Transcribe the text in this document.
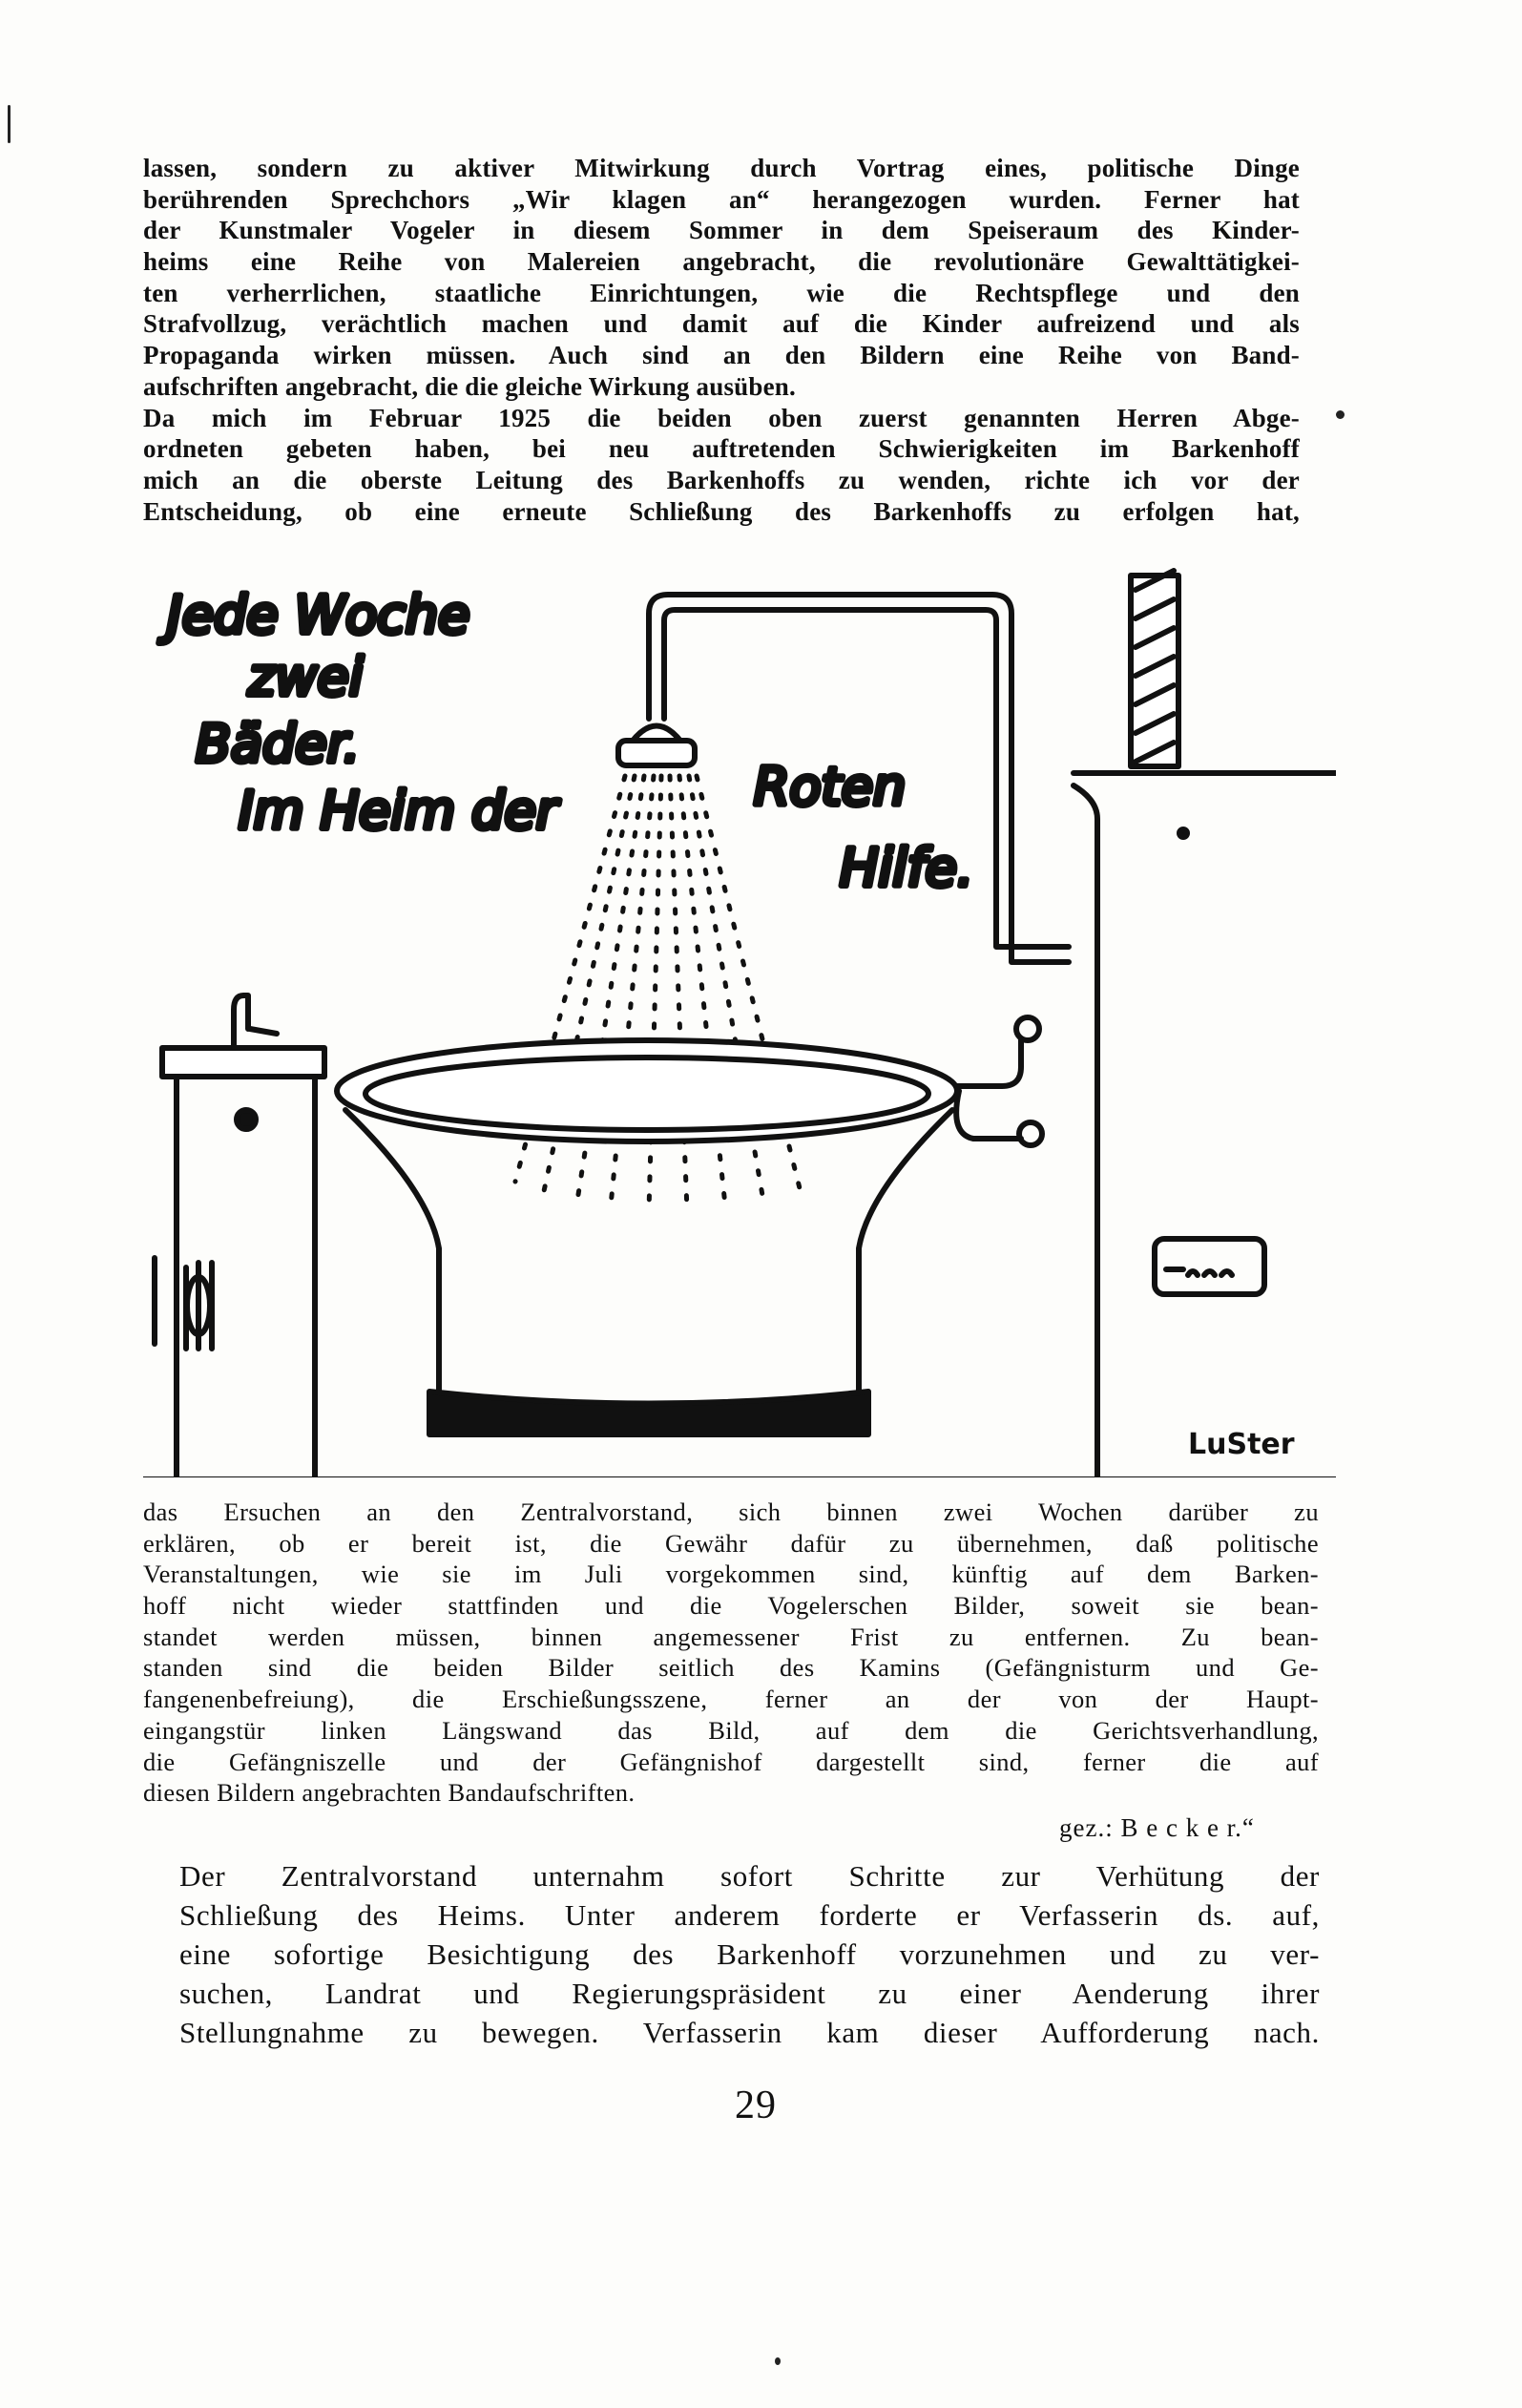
lassen, sondern zu aktiver Mitwirkung durch Vortrag eines, politische Dinge
berührenden Sprechchors „Wir klagen an“ herangezogen wurden. Ferner hat
der Kunstmaler Vogeler in diesem Sommer in dem Speiseraum des Kinder-
heims eine Reihe von Malereien angebracht, die revolutionäre Gewalttätigkei-
ten verherrlichen, staatliche Einrichtungen, wie die Rechtspflege und den
Strafvollzug, verächtlich machen und damit auf die Kinder aufreizend und als
Propaganda wirken müssen. Auch sind an den Bildern eine Reihe von Band-
aufschriften angebracht, die die gleiche Wirkung ausüben.
Da mich im Februar 1925 die beiden oben zuerst genannten Herren Abge-
ordneten gebeten haben, bei neu auftretenden Schwierigkeiten im Barkenhoff
mich an die oberste Leitung des Barkenhoffs zu wenden, richte ich vor der
Entscheidung, ob eine erneute Schließung des Barkenhoffs zu erfolgen hat,
Jede Woche
zwei
Bäder.
Im Heim der	Roten
Hilfe.
LuSter
das Ersuchen an den Zentralvorstand, sich binnen zwei Wochen darüber zu
erklären, ob er bereit ist, die Gewähr dafür zu übernehmen, daß politische
Veranstaltungen, wie sie im Juli vorgekommen sind, künftig auf dem Barken-
hoff nicht wieder stattfinden und die Vogelerschen Bilder, soweit sie bean-
standet werden müssen, binnen angemessener Frist zu entfernen. Zu bean-
standen sind die beiden Bilder seitlich des Kamins (Gefängnisturm und Ge-
fangenenbefreiung), die Erschießungsszene, ferner an der von der Haupt-
eingangstür linken Längswand das Bild, auf dem die Gerichtsverhandlung,
die Gefängniszelle und der Gefängnishof dargestellt sind, ferner die auf
diesen Bildern angebrachten Bandaufschriften.
gez.: B e c k e r.“
Der Zentralvorstand unternahm sofort Schritte zur Verhütung der
Schließung des Heims. Unter anderem forderte er Verfasserin ds. auf,
eine sofortige Besichtigung des Barkenhoff vorzunehmen und zu ver-
suchen, Landrat und Regierungspräsident zu einer Aenderung ihrer
Stellungnahme zu bewegen. Verfasserin kam dieser Aufforderung nach.
29
